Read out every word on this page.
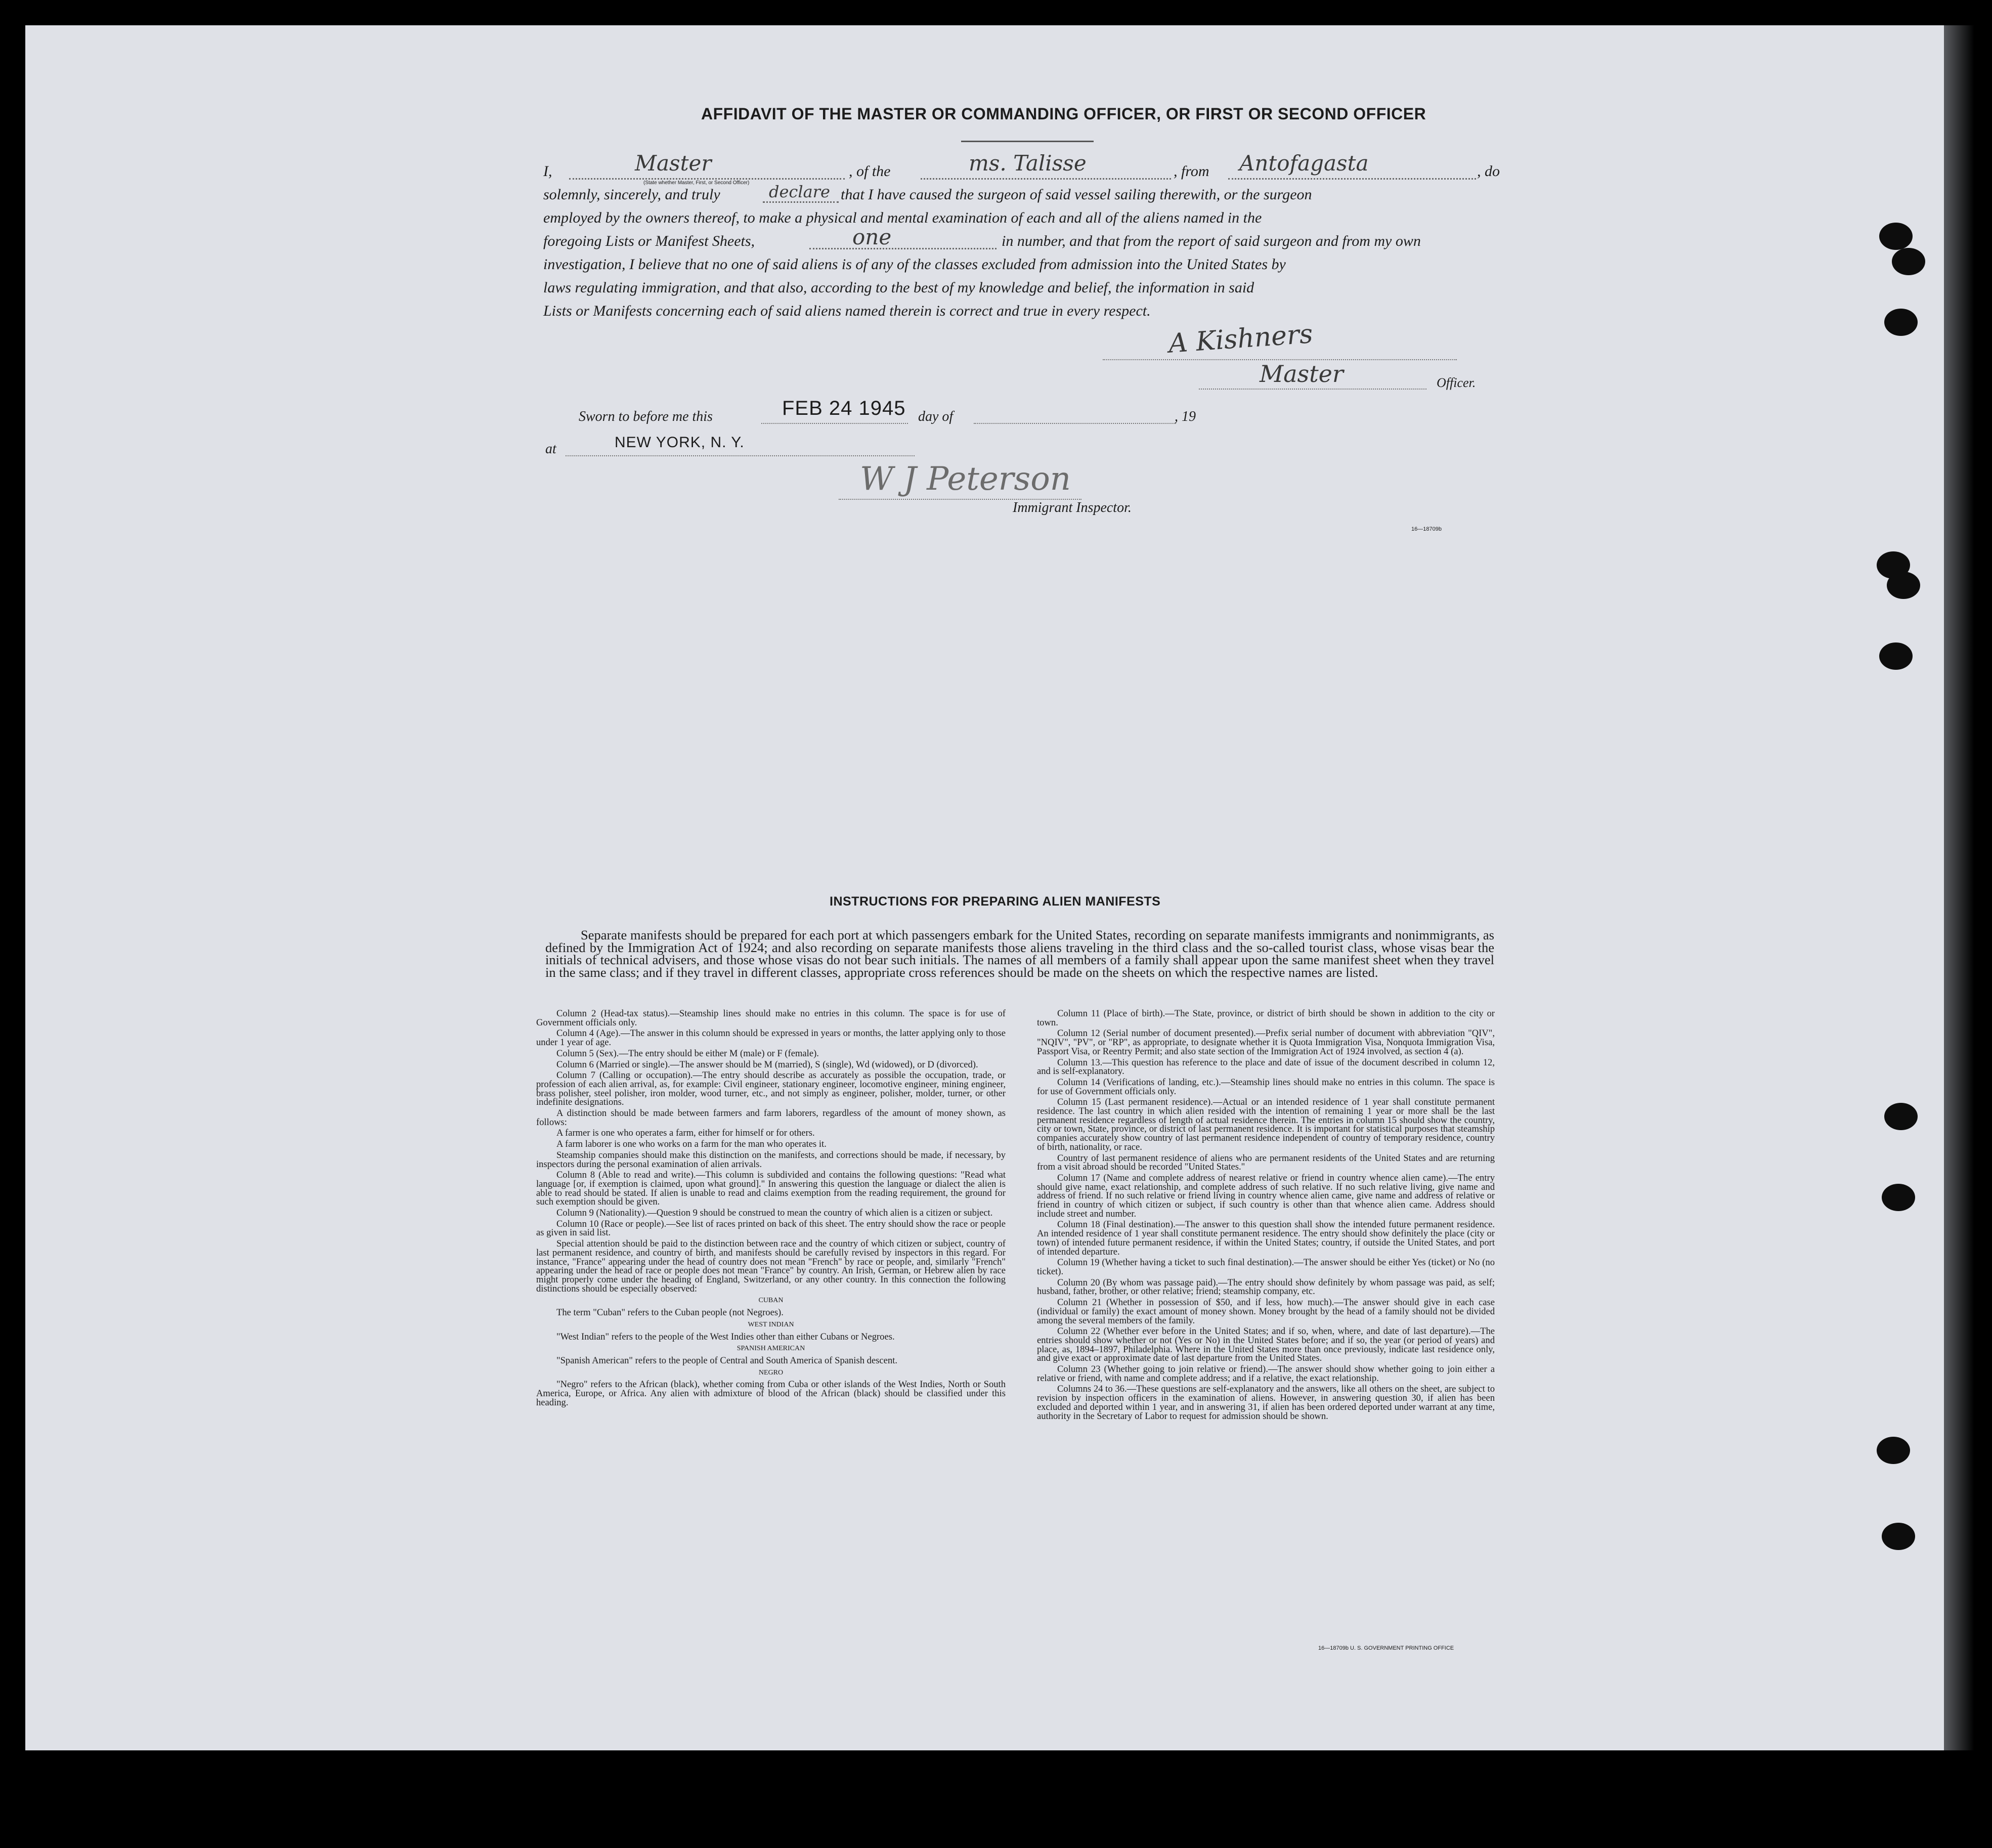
AFFIDAVIT OF THE MASTER OR COMMANDING OFFICER, OR FIRST OR SECOND OFFICER
I,	Master
(State whether Master, First, or Second Officer)
, of the	ms. Talisse	, from Antofagasta	, do
solemnly, sincerely, and truly	declare that I have caused the surgeon of said vessel sailing therewith, or the surgeon
employed by the owners thereof, to make a physical and mental examination of each and all of the aliens named in the
foregoing Lists or Manifest Sheets,	one	in number, and that from the report of said surgeon and from my own
investigation, I believe that no one of said aliens is of any of the classes excluded from admission into the United States by
laws regulating immigration, and that also, according to the best of my knowledge and belief, the information in said
Lists or Manifests concerning each of said aliens named therein is correct and true in every respect.
A Kishners
Master	Officer.
Sworn to before me this	FEB 24 1945 day of	, 19
at	NEW YORK, N. Y.
W J Peterson
Immigrant Inspector.
16—18709b
INSTRUCTIONS FOR PREPARING ALIEN MANIFESTS
Separate manifests should be prepared for each port at which passengers embark for the United States, recording on separate manifests immigrants and nonimmigrants, as defined by the Immigration Act of 1924; and also recording on separate manifests those aliens traveling in the third class and the so-called tourist class, whose visas bear the initials of technical advisers, and those whose visas do not bear such initials. The names of all members of a family shall appear upon the same manifest sheet when they travel in the same class; and if they travel in different classes, appropriate cross references should be made on the sheets on which the respective names are listed.

Column 2 (Head-tax status).—Steamship lines should make no entries in this column. The space is for use of Government officials only.

Column 4 (Age).—The answer in this column should be expressed in years or months, the latter applying only to those under 1 year of age.

Column 5 (Sex).—The entry should be either M (male) or F (female).

Column 6 (Married or single).—The answer should be M (married), S (single), Wd (widowed), or D (divorced).

Column 7 (Calling or occupation).—The entry should describe as accurately as possible the occupation, trade, or profession of each alien arrival, as, for example: Civil engineer, stationary engineer, locomotive engineer, mining engineer, brass polisher, steel polisher, iron molder, wood turner, etc., and not simply as engineer, polisher, molder, turner, or other indefinite designations.

A distinction should be made between farmers and farm laborers, regardless of the amount of money shown, as follows:

A farmer is one who operates a farm, either for himself or for others.

A farm laborer is one who works on a farm for the man who operates it.

Steamship companies should make this distinction on the manifests, and corrections should be made, if necessary, by inspectors during the personal examination of alien arrivals.

Column 8 (Able to read and write).—This column is subdivided and contains the following questions: "Read what language [or, if exemption is claimed, upon what ground]." In answering this question the language or dialect the alien is able to read should be stated. If alien is unable to read and claims exemption from the reading requirement, the ground for such exemption should be given.

Column 9 (Nationality).—Question 9 should be construed to mean the country of which alien is a citizen or subject.

Column 10 (Race or people).—See list of races printed on back of this sheet. The entry should show the race or people as given in said list.

Special attention should be paid to the distinction between race and the country of which citizen or subject, country of last permanent residence, and country of birth, and manifests should be carefully revised by inspectors in this regard. For instance, "France" appearing under the head of country does not mean "French" by race or people, and, similarly "French" appearing under the head of race or people does not mean "France" by country. An Irish, German, or Hebrew alien by race might properly come under the heading of England, Switzerland, or any other country. In this connection the following distinctions should be especially observed:

CUBAN

The term "Cuban" refers to the Cuban people (not Negroes).

WEST INDIAN

"West Indian" refers to the people of the West Indies other than either Cubans or Negroes.

SPANISH AMERICAN

"Spanish American" refers to the people of Central and South America of Spanish descent.

NEGRO

"Negro" refers to the African (black), whether coming from Cuba or other islands of the West Indies, North or South America, Europe, or Africa. Any alien with admixture of blood of the African (black) should be classified under this heading.

Column 11 (Place of birth).—The State, province, or district of birth should be shown in addition to the city or town.

Column 12 (Serial number of document presented).—Prefix serial number of document with abbreviation "QIV", "NQIV", "PV", or "RP", as appropriate, to designate whether it is Quota Immigration Visa, Nonquota Immigration Visa, Passport Visa, or Reentry Permit; and also state section of the Immigration Act of 1924 involved, as section 4 (a).

Column 13.—This question has reference to the place and date of issue of the document described in column 12, and is self-explanatory.

Column 14 (Verifications of landing, etc.).—Steamship lines should make no entries in this column. The space is for use of Government officials only.

Column 15 (Last permanent residence).—Actual or an intended residence of 1 year shall constitute permanent residence. The last country in which alien resided with the intention of remaining 1 year or more shall be the last permanent residence regardless of length of actual residence therein. The entries in column 15 should show the country, city or town, State, province, or district of last permanent residence. It is important for statistical purposes that steamship companies accurately show country of last permanent residence independent of country of temporary residence, country of birth, nationality, or race.

Country of last permanent residence of aliens who are permanent residents of the United States and are returning from a visit abroad should be recorded "United States."

Column 17 (Name and complete address of nearest relative or friend in country whence alien came).—The entry should give name, exact relationship, and complete address of such relative. If no such relative living, give name and address of friend. If no such relative or friend living in country whence alien came, give name and address of relative or friend in country of which citizen or subject, if such country is other than that whence alien came. Address should include street and number.

Column 18 (Final destination).—The answer to this question shall show the intended future permanent residence. An intended residence of 1 year shall constitute permanent residence. The entry should show definitely the place (city or town) of intended future permanent residence, if within the United States; country, if outside the United States, and port of intended departure.

Column 19 (Whether having a ticket to such final destination).—The answer should be either Yes (ticket) or No (no ticket).

Column 20 (By whom was passage paid).—The entry should show definitely by whom passage was paid, as self; husband, father, brother, or other relative; friend; steamship company, etc.

Column 21 (Whether in possession of $50, and if less, how much).—The answer should give in each case (individual or family) the exact amount of money shown. Money brought by the head of a family should not be divided among the several members of the family.

Column 22 (Whether ever before in the United States; and if so, when, where, and date of last departure).—The entries should show whether or not (Yes or No) in the United States before; and if so, the year (or period of years) and place, as, 1894–1897, Philadelphia. Where in the United States more than once previously, indicate last residence only, and give exact or approximate date of last departure from the United States.

Column 23 (Whether going to join relative or friend).—The answer should show whether going to join either a relative or friend, with name and complete address; and if a relative, the exact relationship.

Columns 24 to 36.—These questions are self-explanatory and the answers, like all others on the sheet, are subject to revision by inspection officers in the examination of aliens. However, in answering question 30, if alien has been excluded and deported within 1 year, and in answering 31, if alien has been ordered deported under warrant at any time, authority in the Secretary of Labor to request for admission should be shown.

16—18709b U. S. GOVERNMENT PRINTING OFFICE
